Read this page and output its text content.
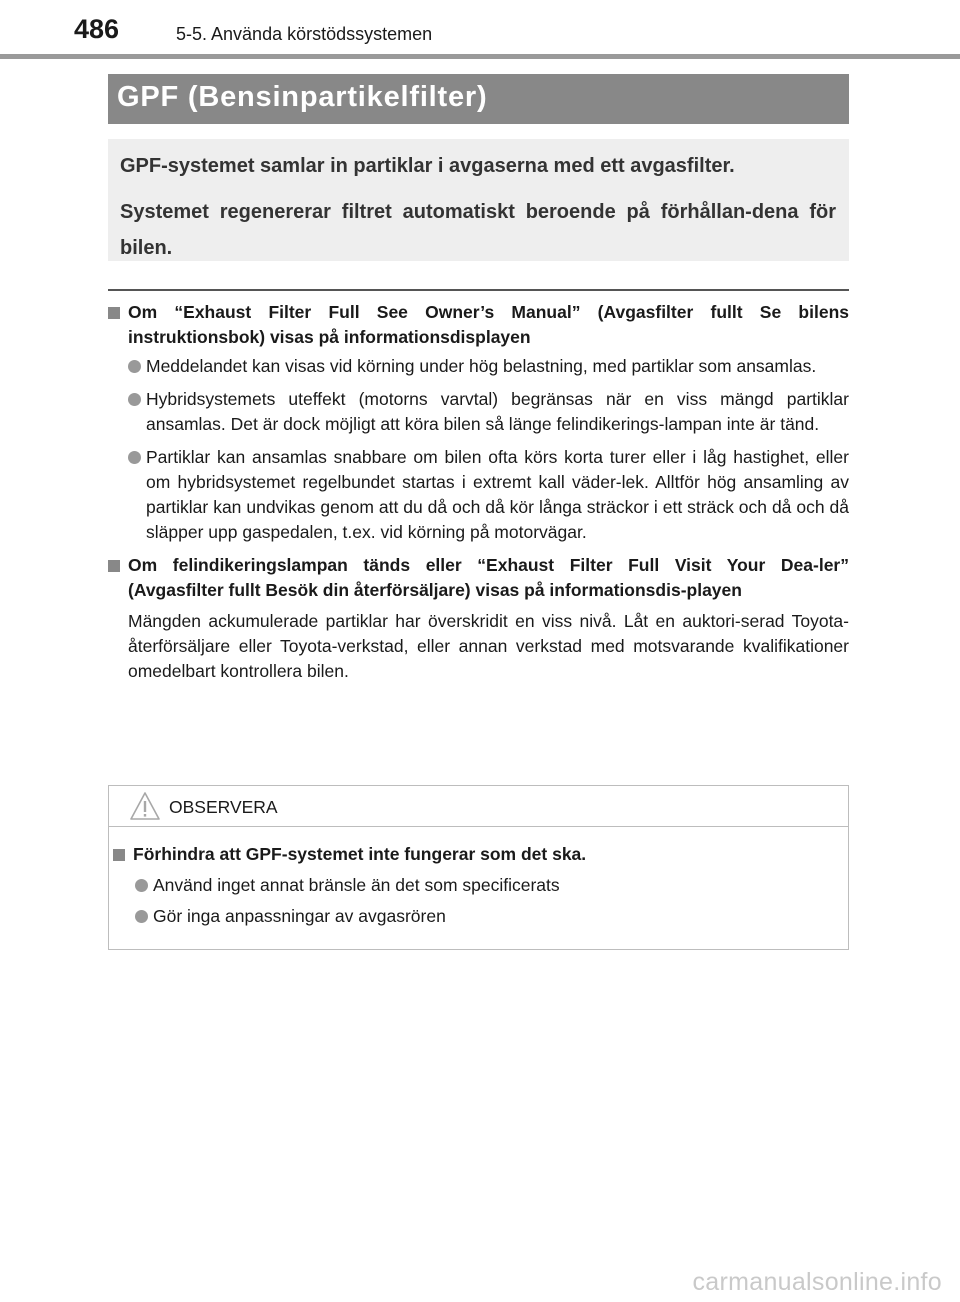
486	5-5. Använda körstödssystemen
GPF (Bensinpartikelfilter)
GPF-systemet samlar in partiklar i avgaserna med ett avgasfilter.
Systemet regenererar filtret automatiskt beroende på förhållan-dena för bilen.
Om “Exhaust Filter Full See Owner’s Manual” (Avgasfilter fullt Se bilens instruktionsbok) visas på informationsdisplayen
Meddelandet kan visas vid körning under hög belastning, med partiklar som ansamlas.
Hybridsystemets uteffekt (motorns varvtal) begränsas när en viss mängd partiklar ansamlas. Det är dock möjligt att köra bilen så länge felindikerings-lampan inte är tänd.
Partiklar kan ansamlas snabbare om bilen ofta körs korta turer eller i låg hastighet, eller om hybridsystemet regelbundet startas i extremt kall väder-lek. Alltför hög ansamling av partiklar kan undvikas genom att du då och då kör långa sträckor i ett sträck och då och då släpper upp gaspedalen, t.ex. vid körning på motorvägar.
Om felindikeringslampan tänds eller “Exhaust Filter Full Visit Your Dea-ler” (Avgasfilter fullt Besök din återförsäljare) visas på informationsdis-playen
Mängden ackumulerade partiklar har överskridit en viss nivå. Låt en auktori-serad Toyota-återförsäljare eller Toyota-verkstad, eller annan verkstad med motsvarande kvalifikationer omedelbart kontrollera bilen.
OBSERVERA
Förhindra att GPF-systemet inte fungerar som det ska.
Använd inget annat bränsle än det som specificerats
Gör inga anpassningar av avgasrören
carmanualsonline.info
